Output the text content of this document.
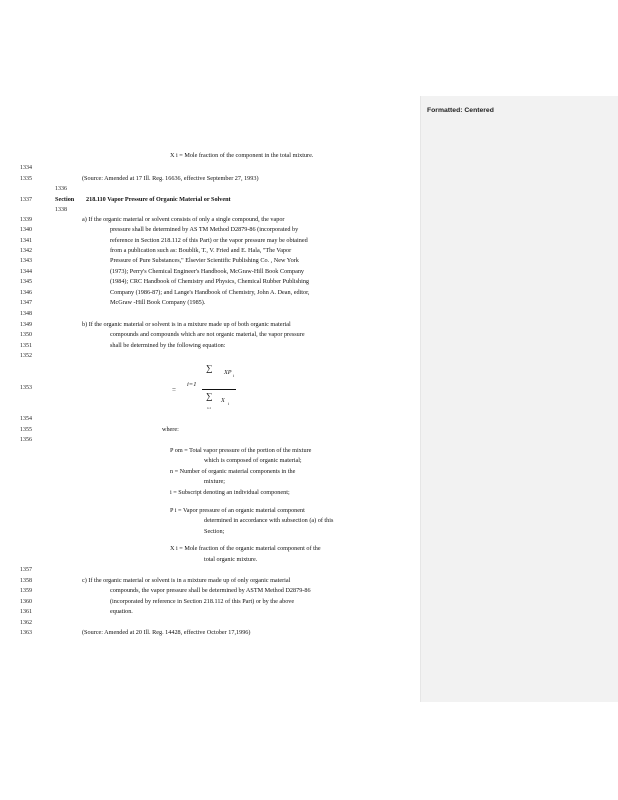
Formatted: Centered
1334
1335
1336
1337
1338
1339
1340
1341
1342
1343
1344
1345
1346
1347
1348
1349
1350
1351
1352
1353
1354
1355
1356
1357
1358
1359
1360
1361
1362
1363
X i = Mole fraction of the component in the total mixture.
(Source: Amended at 17 Ill. Reg. 16636, effective September 27, 1993)
Section 218.110 Vapor Pressure of Organic Material or Solvent
a) If the organic material or solvent consists of only a single compound, the vapor
pressure shall be determined by AS TM Method D2879-86 (incorporated by
reference in Section 218.112 of this Part) or the vapor pressure may be obtained
from a publication such as: Boublik, T., V. Fried and E. Hala, "The Vapor
Pressure of Pure Substances," Elsevier Scientific Publishing Co. , New York
(1973); Perry's Chemical Engineer's Handbook, McGraw-Hill Book Company
(1984); CRC Handbook of Chemistry and Physics, Chemical Rubber Publishing
Company (1986-87); and Lange's Handbook of Chemistry, John A. Dean, editor,
McGraw -Hill Book Company (1985).
b) If the organic material or solvent is in a mixture made up of both organic material
compounds and compounds which are not organic material, the vapor pressure
shall be determined by the following equation:
where:
P om = Total vapor pressure of the portion of the mixture
which is composed of organic material;
n = Number of organic material components in the
mixture;
i = Subscript denoting an individual component;
P i = Vapor pressure of an organic material component
determined in accordance with subsection (a) of this
Section;
X i = Mole fraction of the organic material component of the
total organic mixture.
c) If the organic material or solvent is in a mixture made up of only organic material
compounds, the vapor pressure shall be determined by ASTM Method D2879-86
(incorporated by reference in Section 218.112 of this Part) or by the above
equation.
(Source: Amended at 20 Ill. Reg. 14428, effective October 17,1996)
=
∑
i=1
XP i
∑ X i
i=1
